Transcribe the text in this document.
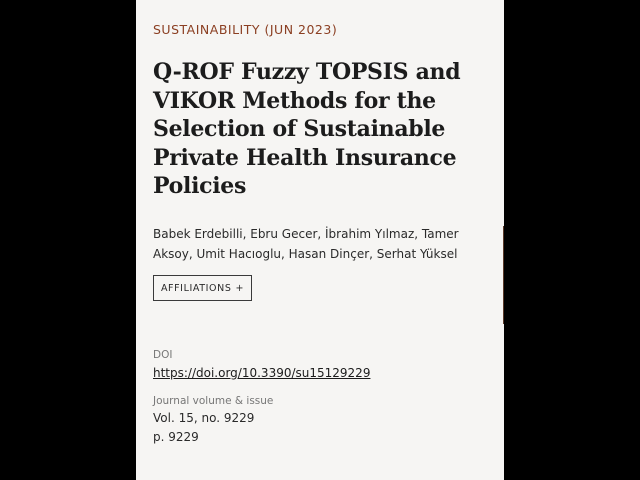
SUSTAINABILITY (JUN 2023)
Q-ROF Fuzzy TOPSIS and VIKOR Methods for the Selection of Sustainable Private Health Insurance Policies
Babek Erdebilli, Ebru Gecer, İbrahim Yılmaz, Tamer Aksoy, Umit Hacıoglu, Hasan Dinçer, Serhat Yüksel
AFFILIATIONS +
DOI
https://doi.org/10.3390/su15129229
Journal volume & issue
Vol. 15, no. 9229
p. 9229
